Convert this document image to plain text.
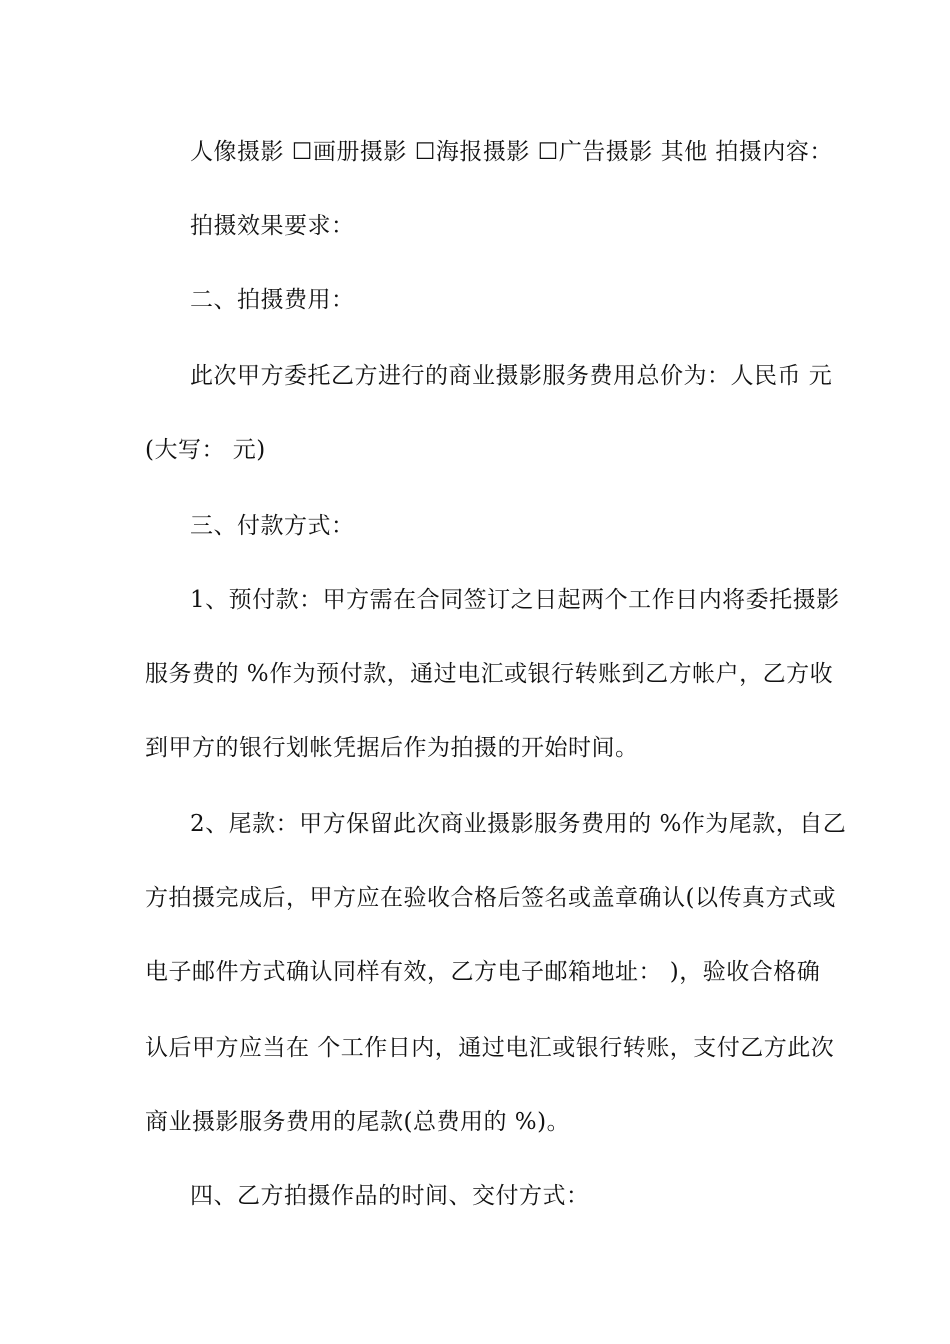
人像摄影 ☐画册摄影 ☐海报摄影 ☐广告摄影 其他 拍摄内容：
拍摄效果要求：
二、拍摄费用：
此次甲方委托乙方进行的商业摄影服务费用总价为：人民币 元
(大写： 元)
三、付款方式：
1、预付款：甲方需在合同签订之日起两个工作日内将委托摄影
服务费的 %作为预付款，通过电汇或银行转账到乙方帐户，乙方收
到甲方的银行划帐凭据后作为拍摄的开始时间。
2、尾款：甲方保留此次商业摄影服务费用的 %作为尾款，自乙
方拍摄完成后，甲方应在验收合格后签名或盖章确认(以传真方式或
电子邮件方式确认同样有效，乙方电子邮箱地址： )，验收合格确
认后甲方应当在 个工作日内，通过电汇或银行转账，支付乙方此次
商业摄影服务费用的尾款(总费用的 %)。
四、乙方拍摄作品的时间、交付方式：
